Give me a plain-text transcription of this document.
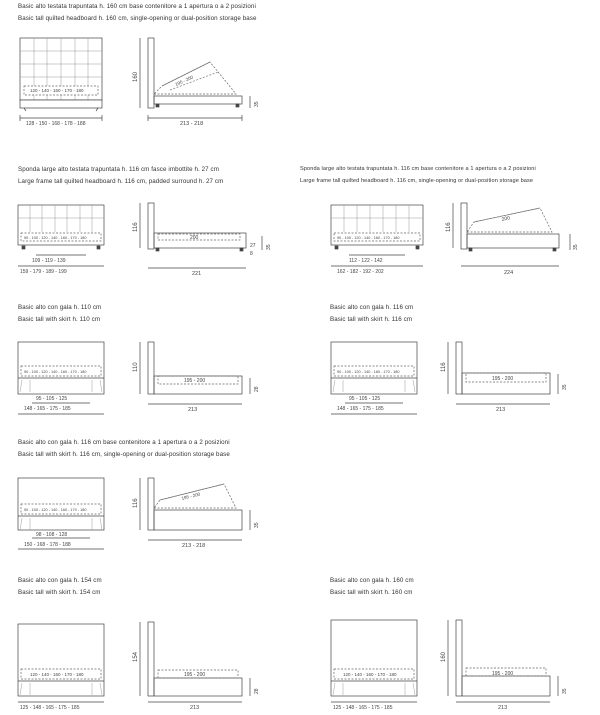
Basic alto testata trapuntata h. 160 cm base contenitore a 1 apertura o a 2 posizioni
Basic tall quilted headboard h. 160 cm, single-opening or dual-position storage base
120 - 140 - 160 - 170 - 180
128 - 150 - 168 - 178 - 188
160
35
195 - 200
213 - 218
Sponda large alto testata trapuntata h. 116 cm fasce imbottite h. 27 cm
Large frame tall quilted headboard h. 116 cm, padded surround h. 27 cm
90 - 100 - 120 - 140 - 160 - 170 - 180
109 - 119 - 139
159 - 179 - 189 - 199
116
27
8
35
200
221
Sponda large alto testata trapuntata h. 116 cm base contenitore a 1 apertura o a 2 posizioni
Large frame tall quilted headboard h. 116 cm, single-opening or dual-position storage base
90 - 100 - 120 - 140 - 160 - 170 - 180
112 - 122 - 142
162 - 182 - 192 - 202
116
35
200
224
Basic alto con gala h. 110 cm
Basic tall with skirt h. 110 cm
90 - 100 - 120 - 140 - 160 - 170 - 180
95 - 105 - 125
148 - 165 - 175 - 185
110
28
195 - 200
213
Basic alto con gala h. 116 cm
Basic tall with skirt h. 116 cm
90 - 100 - 120 - 140 - 160 - 170 - 180
95 - 105 - 125
148 - 165 - 175 - 185
116
35
195 - 200
213
Basic alto con gala h. 116 cm base contenitore a 1 apertura o a 2 posizioni
Basic tall with skirt h. 116 cm, single-opening or dual-position storage base
90 - 100 - 120 - 140 - 160 - 170 - 180
98 - 108 - 128
150 - 168 - 178 - 188
116
35
195 - 200
213 - 218
Basic alto con gala h. 154 cm
Basic tall with skirt h. 154 cm
120 - 140 - 160 - 170 - 180
125 - 148 - 165 - 175 - 185
154
28
195 - 200
213
Basic alto con gala h. 160 cm
Basic tall with skirt h. 160 cm
120 - 140 - 160 - 170 - 180
125 - 148 - 165 - 175 - 185
160
35
195 - 200
213
